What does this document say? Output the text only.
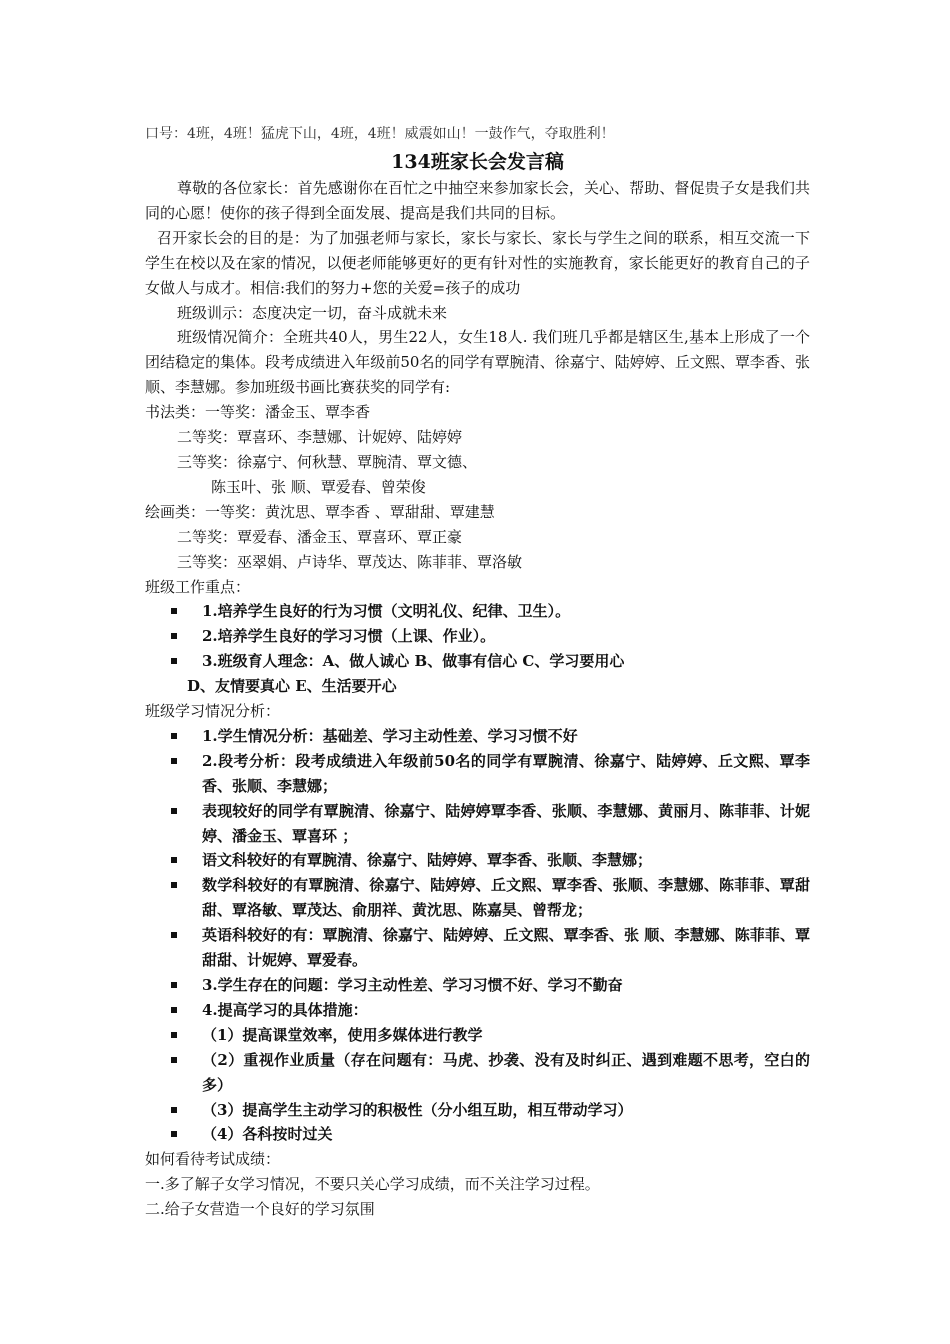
口号：4班，4班！猛虎下山，4班，4班！威震如山！一鼓作气，夺取胜利！
134班家长会发言稿
尊敬的各位家长：首先感谢你在百忙之中抽空来参加家长会，关心、帮助、督促贵子女是我们共同的心愿！使你的孩子得到全面发展、提高是我们共同的目标。
召开家长会的目的是：为了加强老师与家长，家长与家长、家长与学生之间的联系，相互交流一下学生在校以及在家的情况，以便老师能够更好的更有针对性的实施教育，家长能更好的教育自己的子女做人与成才。相信:我们的努力+您的关爱=孩子的成功
班级训示：态度决定一切，奋斗成就未来
班级情况简介：全班共40人，男生22人，女生18人. 我们班几乎都是辖区生,基本上形成了一个团结稳定的集体。段考成绩进入年级前50名的同学有覃腕清、徐嘉宁、陆婷婷、丘文熙、覃李香、张顺、李慧娜。参加班级书画比赛获奖的同学有:
书法类：一等奖：潘金玉、覃李香
二等奖：覃喜环、李慧娜、计妮婷、陆婷婷
三等奖：徐嘉宁、何秋慧、覃腕清、覃文德、
陈玉叶、张 顺、覃爱春、曾荣俊
绘画类：一等奖：黄沈思、覃李香 、覃甜甜、覃建慧
二等奖：覃爱春、潘金玉、覃喜环、覃正豪
三等奖：巫翠娟、卢诗华、覃茂达、陈菲菲、覃洛敏
班级工作重点：
1.培养学生良好的行为习惯（文明礼仪、纪律、卫生）。
2.培养学生良好的学习习惯（上课、作业）。
3.班级育人理念：A、做人诚心 B、做事有信心 C、学习要用心
D、友情要真心 E、生活要开心
班级学习情况分析：
1.学生情况分析：基础差、学习主动性差、学习习惯不好
2.段考分析：段考成绩进入年级前50名的同学有覃腕清、徐嘉宁、陆婷婷、丘文熙、覃李香、张顺、李慧娜；
表现较好的同学有覃腕清、徐嘉宁、陆婷婷覃李香、张顺、李慧娜、黄丽月、陈菲菲、计妮婷、潘金玉、覃喜环 ；
语文科较好的有覃腕清、徐嘉宁、陆婷婷、覃李香、张顺、李慧娜；
数学科较好的有覃腕清、徐嘉宁、陆婷婷、丘文熙、覃李香、张顺、李慧娜、陈菲菲、覃甜甜、覃洛敏、覃茂达、俞朋祥、黄沈思、陈嘉昊、曾帮龙；
英语科较好的有：覃腕清、徐嘉宁、陆婷婷、丘文熙、覃李香、张 顺、李慧娜、陈菲菲、覃甜甜、计妮婷、覃爱春。
3.学生存在的问题：学习主动性差、学习习惯不好、学习不勤奋
4.提高学习的具体措施：
（1）提高课堂效率，使用多媒体进行教学
（2）重视作业质量（存在问题有：马虎、抄袭、没有及时纠正、遇到难题不思考，空白的多）
（3）提高学生主动学习的积极性（分小组互助，相互带动学习）
（4）各科按时过关
如何看待考试成绩：
一.多了解子女学习情况，不要只关心学习成绩，而不关注学习过程。
二.给子女营造一个良好的学习氛围
